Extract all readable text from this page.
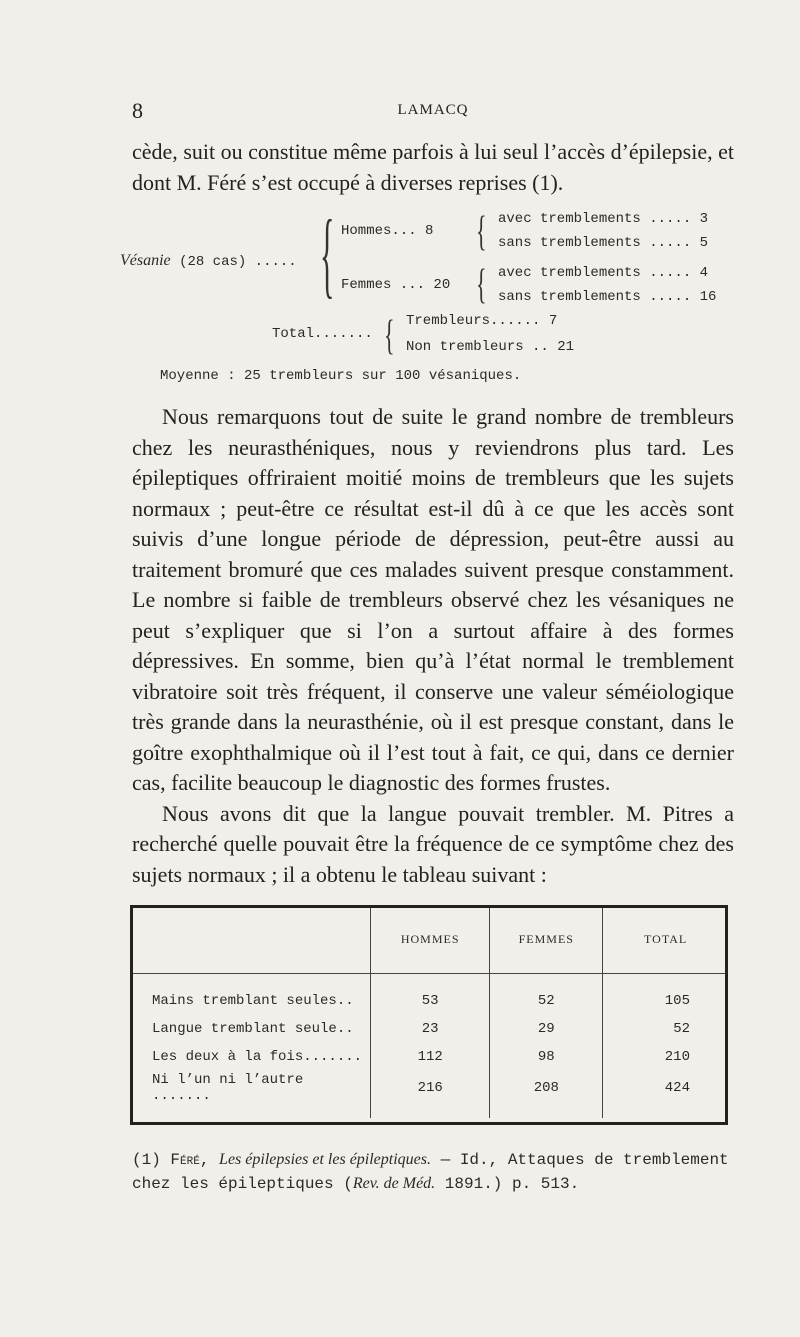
8	LAMACQ

cède, suit ou constitue même parfois à lui seul l’accès d’épilepsie, et dont M. Féré s’est occupé à diverses reprises (1).

Vésanie (28 cas) ..... { Hommes... 8
Femmes ... 20
{
{
avec tremblements ..... 3
sans tremblements ..... 5
avec tremblements ..... 4
sans tremblements ..... 16
Total....... { Trembleurs...... 7
Non trembleurs .. 21
Moyenne : 25 trembleurs sur 100 vésaniques.

Nous remarquons tout de suite le grand nombre de trembleurs chez les neurasthéniques, nous y reviendrons plus tard. Les épileptiques offriraient moitié moins de trembleurs que les sujets normaux ; peut-être ce résultat est-il dû à ce que les accès sont suivis d’une longue période de dépression, peut-être aussi au traitement bromuré que ces malades suivent presque constamment. Le nombre si faible de trembleurs observé chez les vésaniques ne peut s’expliquer que si l’on a surtout affaire à des formes dépressives. En somme, bien qu’à l’état normal le tremblement vibratoire soit très fréquent, il conserve une valeur séméiologique très grande dans la neurasthénie, où il est presque constant, dans le goître exophthalmique où il l’est tout à fait, ce qui, dans ce dernier cas, facilite beaucoup le diagnostic des formes frustes.

Nous avons dit que la langue pouvait trembler. M. Pitres a recherché quelle pouvait être la fréquence de ce symptôme chez des sujets normaux ; il a obtenu le tableau suivant :

	HOMMES	FEMMES	TOTAL
Mains tremblant seules..	53	52	105
Langue tremblant seule..	23	29	52
Les deux à la fois.......	112	98	210
Ni l’un ni l’autre .......	216	208	424
(1) Féré, Les épilepsies et les épileptiques. — Id., Attaques de tremblement chez les épileptiques (Rev. de Méd. 1891.) p. 513.
